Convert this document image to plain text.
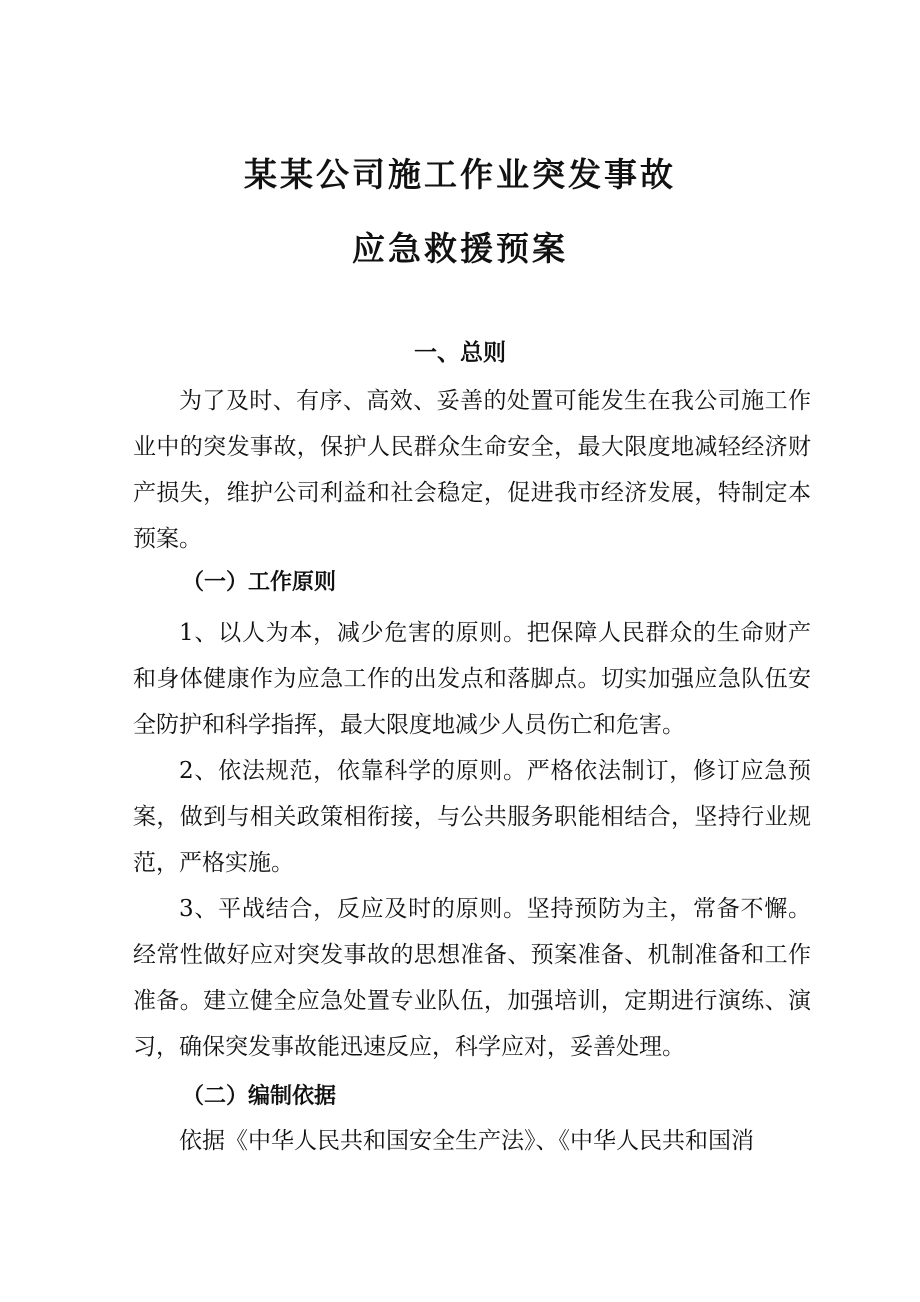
某某公司施工作业突发事故
应急救援预案
一、总则
为了及时、有序、高效、妥善的处置可能发生在我公司施工作业中的突发事故，保护人民群众生命安全，最大限度地减轻经济财产损失，维护公司利益和社会稳定，促进我市经济发展，特制定本预案。
（一）工作原则
1、以人为本，减少危害的原则。把保障人民群众的生命财产和身体健康作为应急工作的出发点和落脚点。切实加强应急队伍安全防护和科学指挥，最大限度地减少人员伤亡和危害。
2、依法规范，依靠科学的原则。严格依法制订，修订应急预案，做到与相关政策相衔接，与公共服务职能相结合，坚持行业规范，严格实施。
3、平战结合，反应及时的原则。坚持预防为主，常备不懈。经常性做好应对突发事故的思想准备、预案准备、机制准备和工作准备。建立健全应急处置专业队伍，加强培训，定期进行演练、演习，确保突发事故能迅速反应，科学应对，妥善处理。
（二）编制依据
依据《中华人民共和国安全生产法》、《中华人民共和国消
